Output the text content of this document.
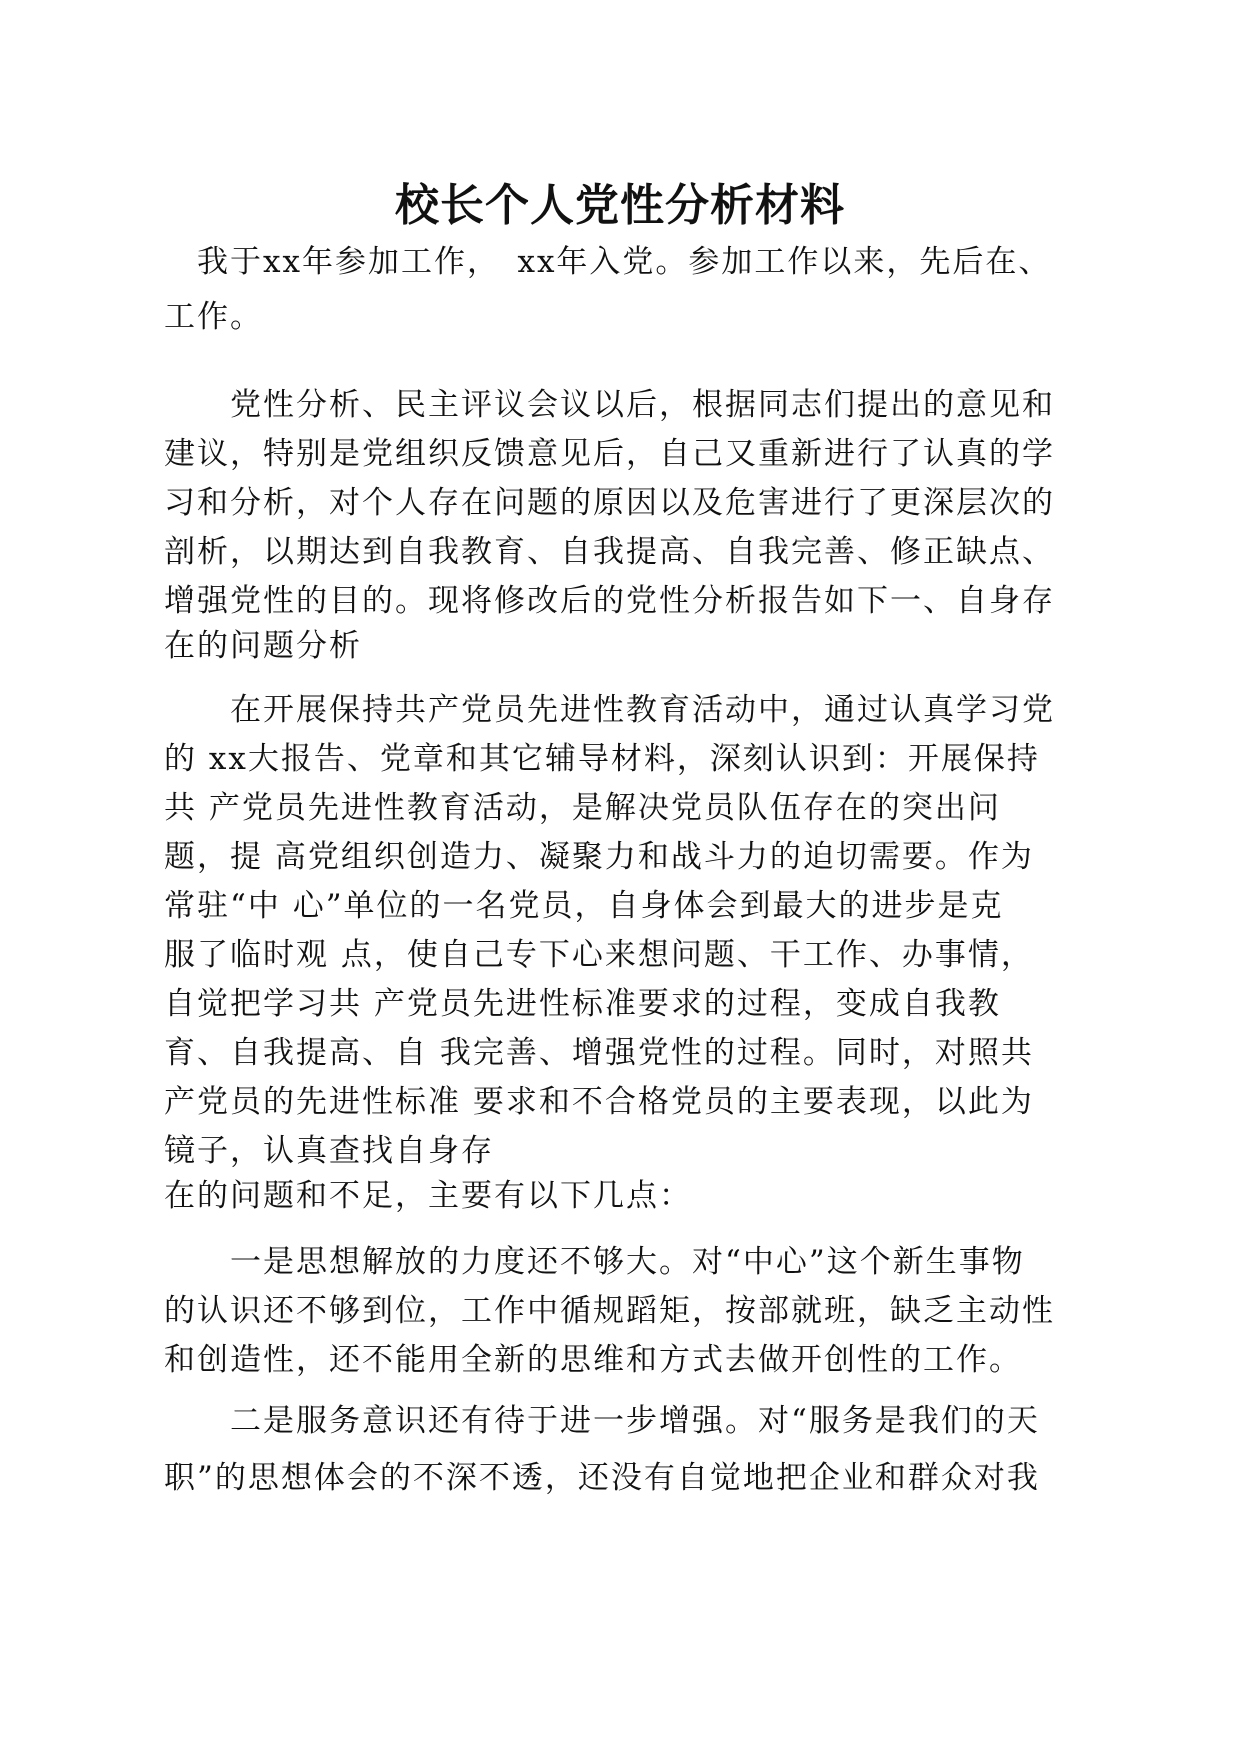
校长个人党性分析材料
　我于xx年参加工作，　xx年入党。参加工作以来，先后在、
工作。
　　党性分析、民主评议会议以后，根据同志们提出的意见和
建议，特别是党组织反馈意见后，自己又重新进行了认真的学
习和分析，对个人存在问题的原因以及危害进行了更深层次的
剖析，以期达到自我教育、自我提高、自我完善、修正缺点、
增强党性的目的。现将修改后的党性分析报告如下一、自身存
在的问题分析
　　在开展保持共产党员先进性教育活动中，通过认真学习党
的 xx大报告、党章和其它辅导材料，深刻认识到：开展保持
共 产党员先进性教育活动，是解决党员队伍存在的突出问
题，提 高党组织创造力、凝聚力和战斗力的迫切需要。作为
常驻“中 心”单位的一名党员，自身体会到最大的进步是克
服了临时观 点，使自己专下心来想问题、干工作、办事情，
自觉把学习共 产党员先进性标准要求的过程，变成自我教
育、自我提高、自 我完善、增强党性的过程。同时，对照共
产党员的先进性标准 要求和不合格党员的主要表现，以此为
镜子，认真查找自身存
在的问题和不足，主要有以下几点：
　　一是思想解放的力度还不够大。对“中心”这个新生事物
的认识还不够到位，工作中循规蹈矩，按部就班，缺乏主动性
和创造性，还不能用全新的思维和方式去做开创性的工作。
　　二是服务意识还有待于进一步增强。对“服务是我们的天
职”的思想体会的不深不透，还没有自觉地把企业和群众对我
